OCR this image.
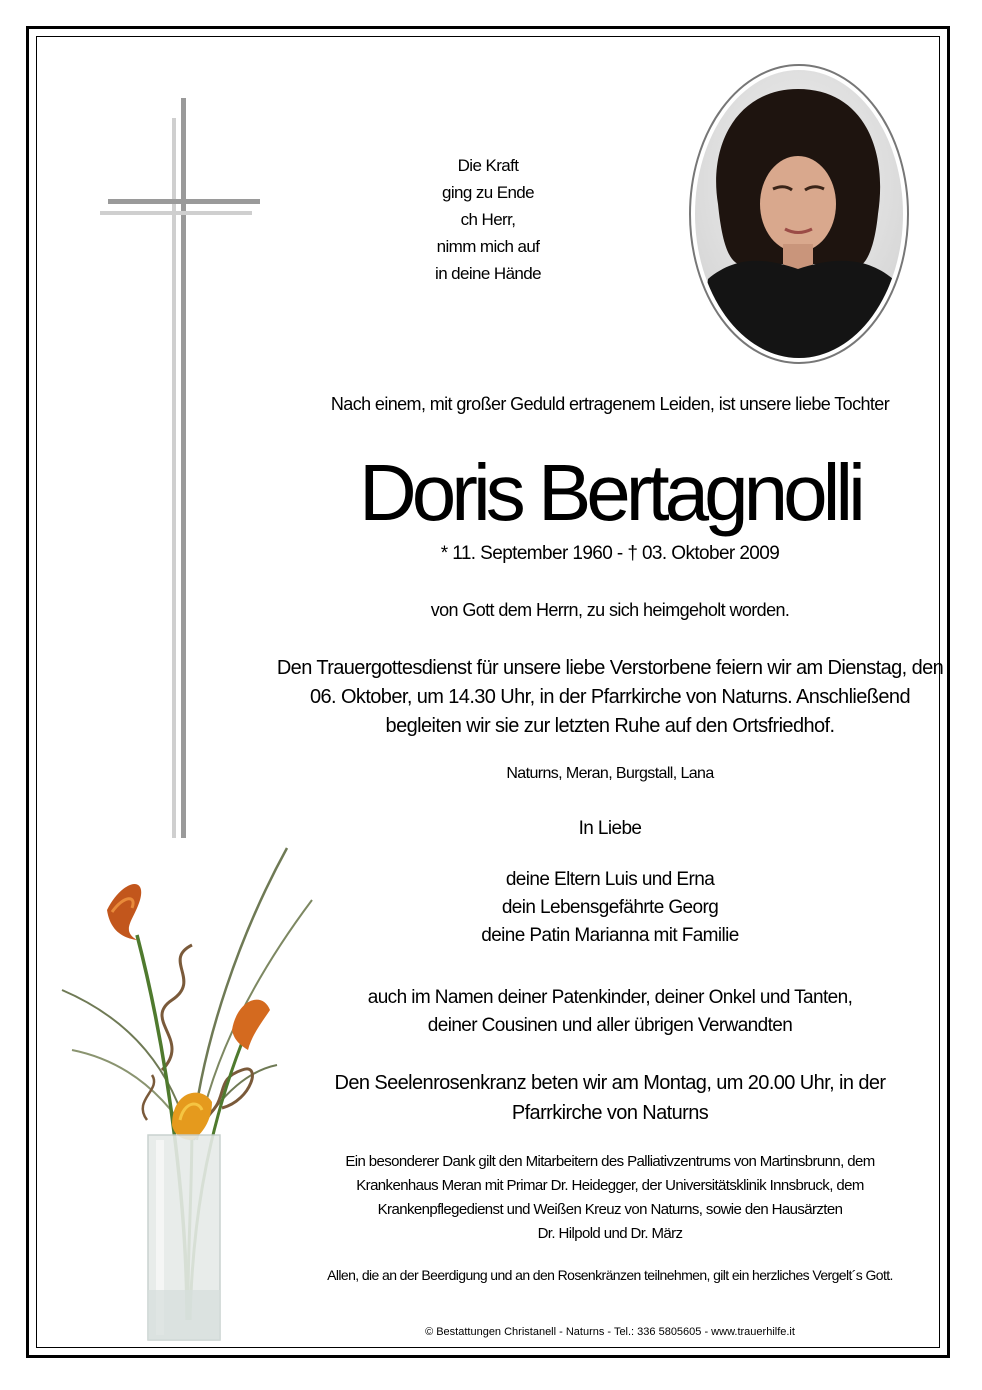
Die Kraft
ging zu Ende
ch Herr,
nimm mich auf
in deine Hände
Nach einem, mit großer Geduld ertragenem Leiden, ist unsere liebe Tochter
Doris Bertagnolli
* 11. September 1960 - † 03. Oktober 2009
von Gott dem Herrn, zu sich heimgeholt worden.
Den Trauergottesdienst für unsere liebe Verstorbene feiern wir am Dienstag, den
06. Oktober, um 14.30 Uhr, in der Pfarrkirche von Naturns. Anschließend
begleiten wir sie zur letzten Ruhe auf den Ortsfriedhof.
Naturns, Meran, Burgstall, Lana
In Liebe
deine Eltern Luis und Erna
dein Lebensgefährte Georg
deine Patin Marianna mit Familie
auch im Namen deiner Patenkinder, deiner Onkel und Tanten,
deiner Cousinen und aller übrigen Verwandten
Den Seelenrosenkranz beten wir am Montag, um 20.00 Uhr, in der
Pfarrkirche von Naturns
Ein besonderer Dank gilt den Mitarbeitern des Palliativzentrums von Martinsbrunn, dem
Krankenhaus Meran mit Primar Dr. Heidegger, der Universitätsklinik Innsbruck, dem
Krankenpflegedienst und Weißen Kreuz von Naturns, sowie den Hausärzten
Dr. Hilpold und Dr. März
Allen, die an der Beerdigung und an den Rosenkränzen teilnehmen, gilt ein herzliches Vergelt´s Gott.
© Bestattungen Christanell - Naturns - Tel.: 336 5805605 - www.trauerhilfe.it
